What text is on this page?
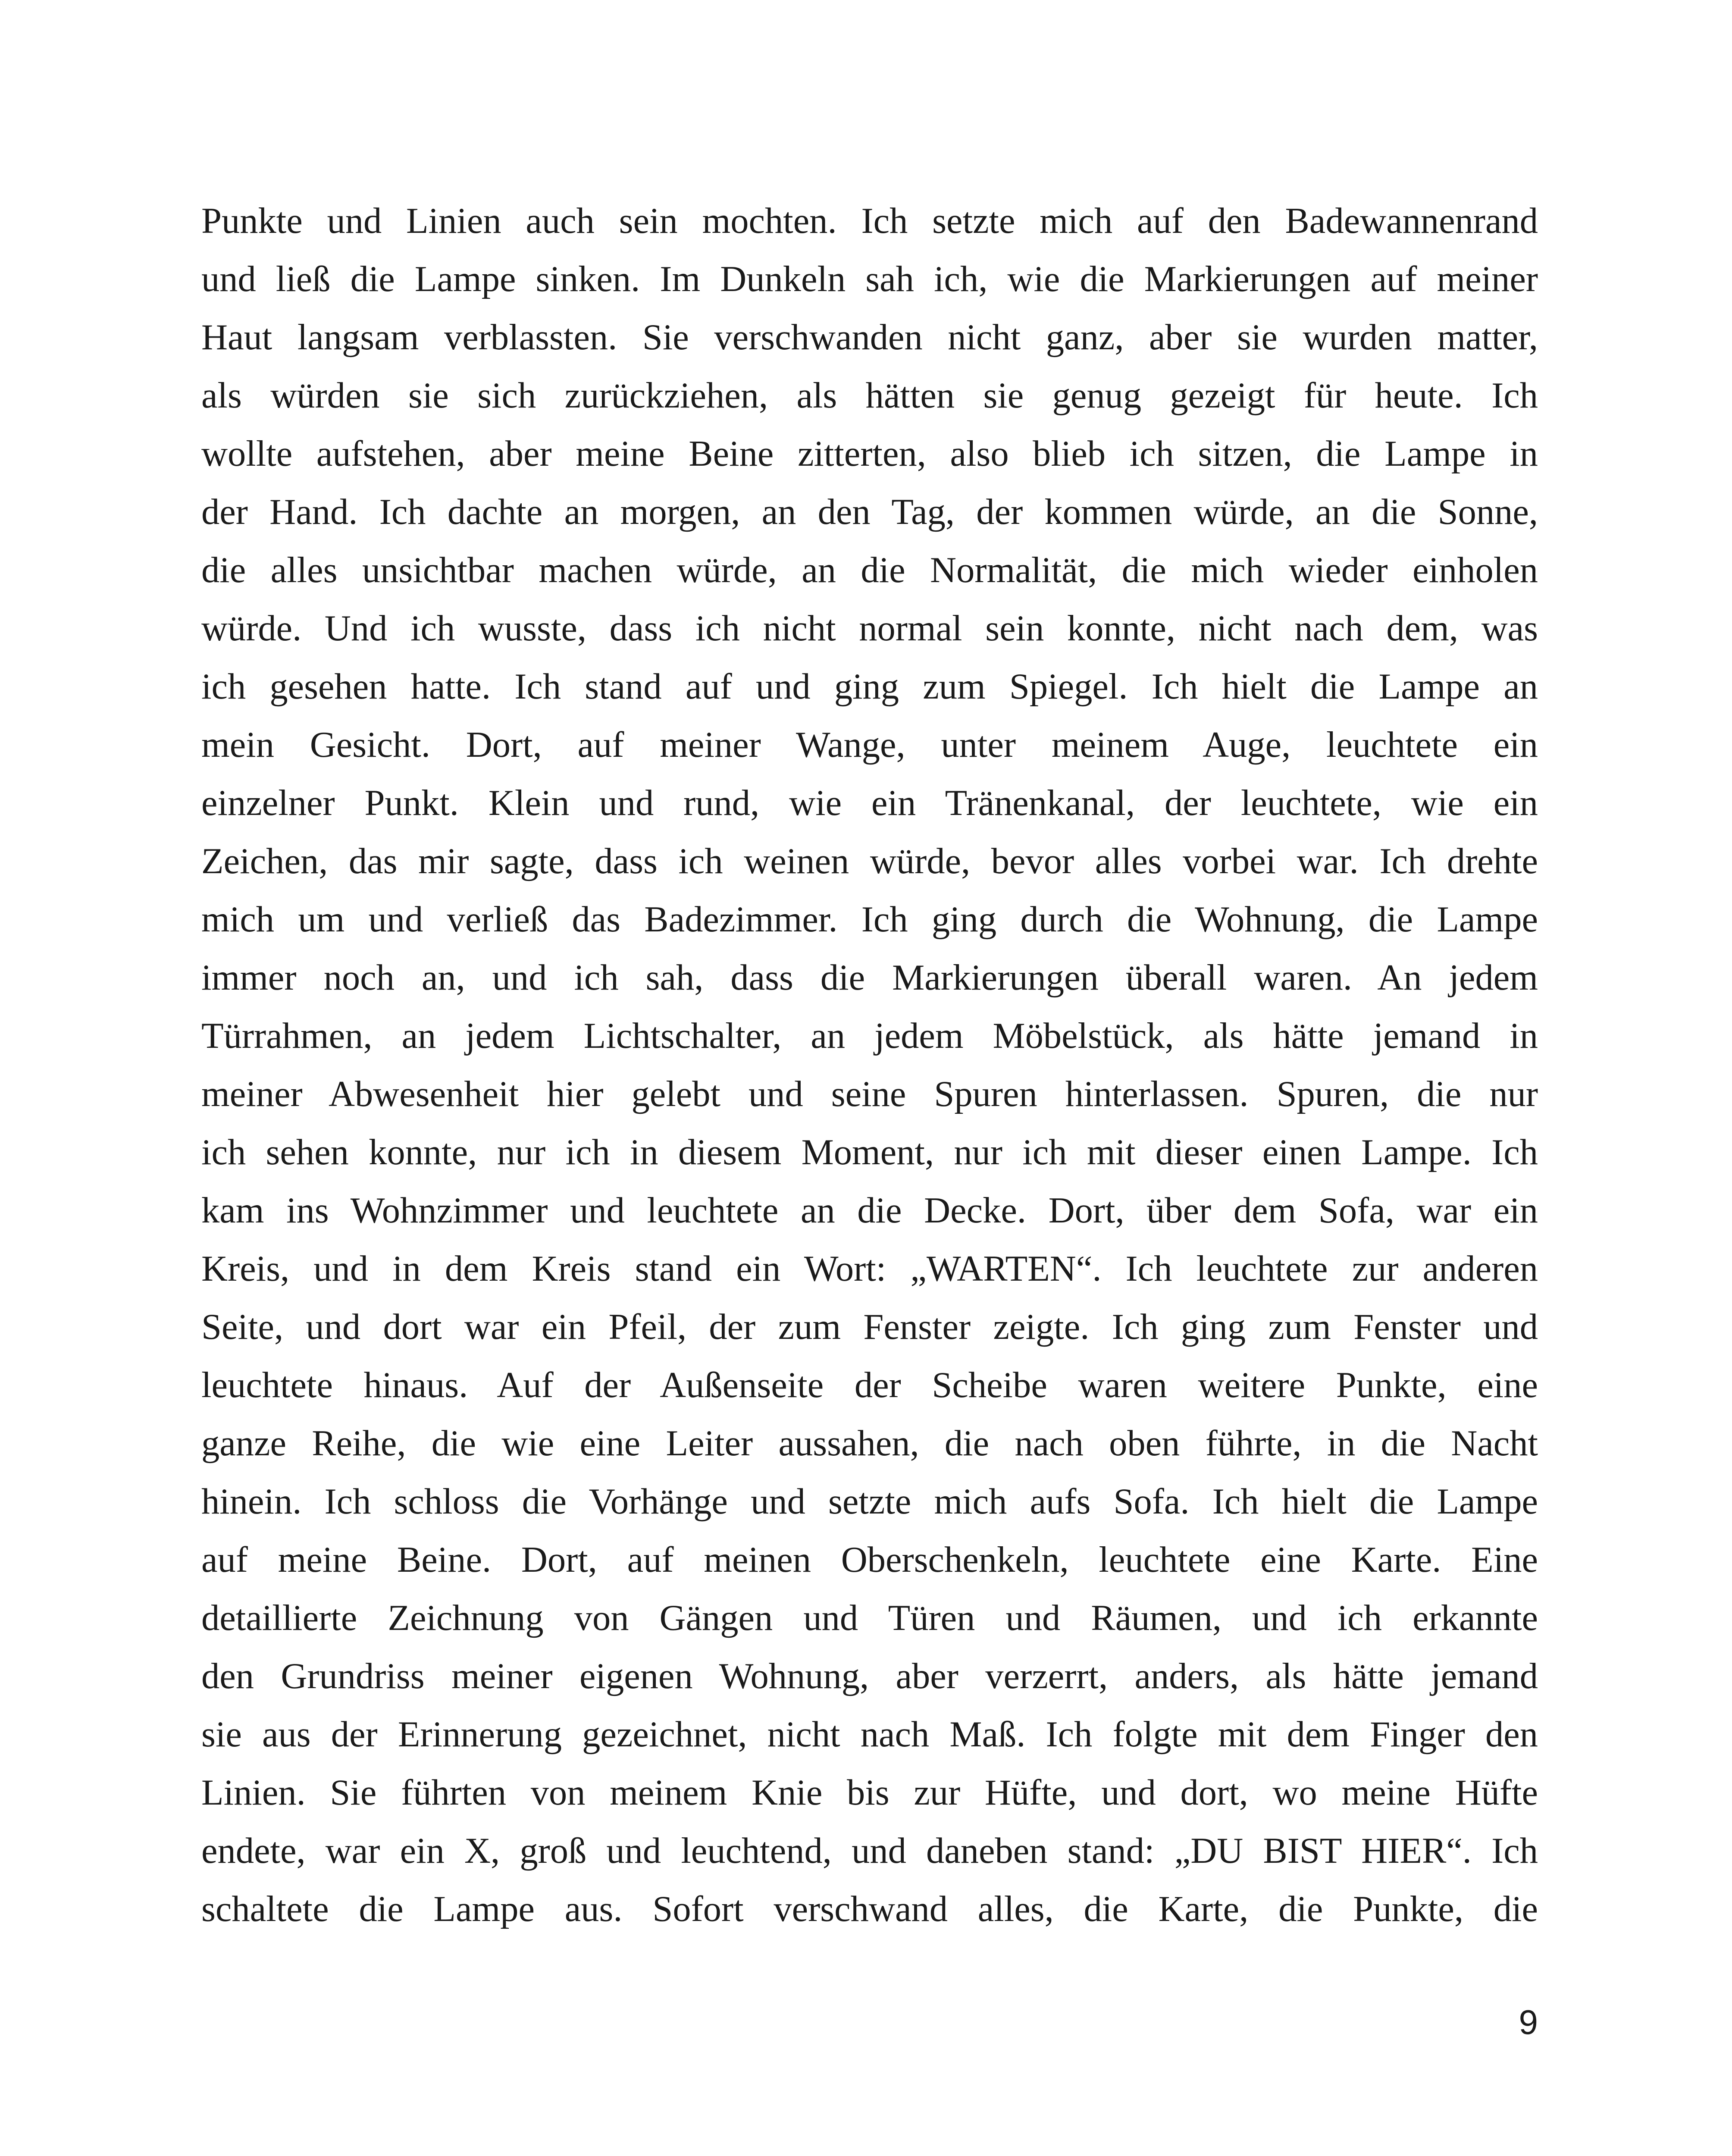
Punkte und Linien auch sein mochten. Ich setzte mich auf den Badewannenrand
und ließ die Lampe sinken. Im Dunkeln sah ich, wie die Markierungen auf meiner
Haut langsam verblassten. Sie verschwanden nicht ganz, aber sie wurden matter,
als würden sie sich zurückziehen, als hätten sie genug gezeigt für heute. Ich
wollte aufstehen, aber meine Beine zitterten, also blieb ich sitzen, die Lampe in
der Hand. Ich dachte an morgen, an den Tag, der kommen würde, an die Sonne,
die alles unsichtbar machen würde, an die Normalität, die mich wieder einholen
würde. Und ich wusste, dass ich nicht normal sein konnte, nicht nach dem, was
ich gesehen hatte. Ich stand auf und ging zum Spiegel. Ich hielt die Lampe an
mein Gesicht. Dort, auf meiner Wange, unter meinem Auge, leuchtete ein
einzelner Punkt. Klein und rund, wie ein Tränenkanal, der leuchtete, wie ein
Zeichen, das mir sagte, dass ich weinen würde, bevor alles vorbei war. Ich drehte
mich um und verließ das Badezimmer. Ich ging durch die Wohnung, die Lampe
immer noch an, und ich sah, dass die Markierungen überall waren. An jedem
Türrahmen, an jedem Lichtschalter, an jedem Möbelstück, als hätte jemand in
meiner Abwesenheit hier gelebt und seine Spuren hinterlassen. Spuren, die nur
ich sehen konnte, nur ich in diesem Moment, nur ich mit dieser einen Lampe. Ich
kam ins Wohnzimmer und leuchtete an die Decke. Dort, über dem Sofa, war ein
Kreis, und in dem Kreis stand ein Wort: „WARTEN“. Ich leuchtete zur anderen
Seite, und dort war ein Pfeil, der zum Fenster zeigte. Ich ging zum Fenster und
leuchtete hinaus. Auf der Außenseite der Scheibe waren weitere Punkte, eine
ganze Reihe, die wie eine Leiter aussahen, die nach oben führte, in die Nacht
hinein. Ich schloss die Vorhänge und setzte mich aufs Sofa. Ich hielt die Lampe
auf meine Beine. Dort, auf meinen Oberschenkeln, leuchtete eine Karte. Eine
detaillierte Zeichnung von Gängen und Türen und Räumen, und ich erkannte
den Grundriss meiner eigenen Wohnung, aber verzerrt, anders, als hätte jemand
sie aus der Erinnerung gezeichnet, nicht nach Maß. Ich folgte mit dem Finger den
Linien. Sie führten von meinem Knie bis zur Hüfte, und dort, wo meine Hüfte
endete, war ein X, groß und leuchtend, und daneben stand: „DU BIST HIER“. Ich
schaltete die Lampe aus. Sofort verschwand alles, die Karte, die Punkte, die
9
